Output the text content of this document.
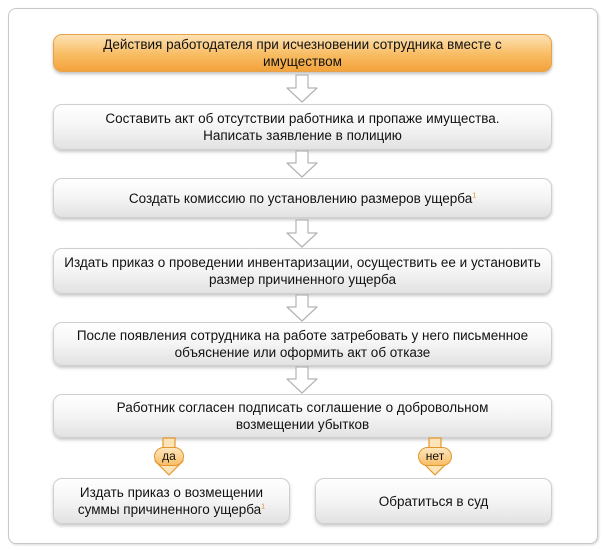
Действия работодателя при исчезновении сотрудника вместе с имуществом
Составить акт об отсутствии работника и пропаже имущества. Написать заявление в полицию
Создать комиссию по установлению размеров ущерба$^1$
Издать приказ о проведении инвентаризации, осуществить ее и установить размер причиненного ущерба
После появления сотрудника на работе затребовать у него письменное объяснение или оформить акт об отказе
Работник согласен подписать соглашение о добровольном возмещении убытков
да	нет
Издать приказ о возмещении суммы причиненного ущерба$^1$	Обратиться в суд
